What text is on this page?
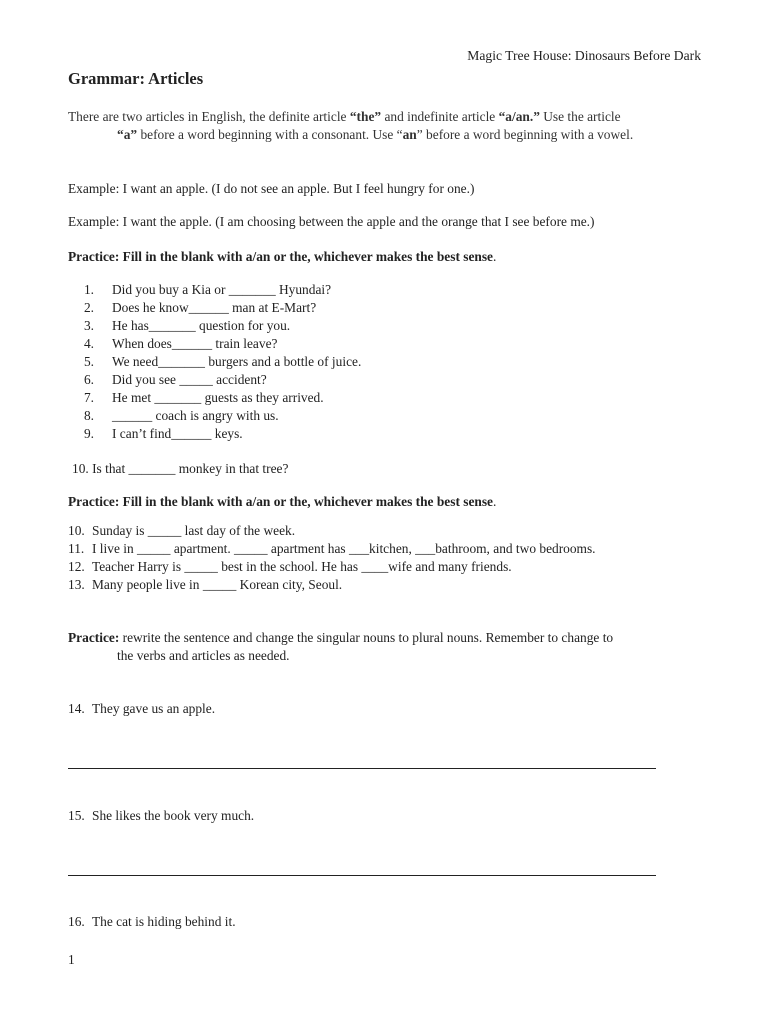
Magic Tree House: Dinosaurs Before Dark
Grammar: Articles
There are two articles in English, the definite article “the” and indefinite article “a/an.” Use the article
“a” before a word beginning with a consonant. Use “an” before a word beginning with a vowel.
Example: I want an apple. (I do not see an apple. But I feel hungry for one.)
Example: I want the apple. (I am choosing between the apple and the orange that I see before me.)
Practice: Fill in the blank with a/an or the, whichever makes the best sense.
1.	Did you buy a Kia or _______ Hyundai?
2.	Does he know______ man at E-Mart?
3.	He has_______ question for you.
4.	When does______ train leave?
5.	We need_______ burgers and a bottle of juice.
6.	Did you see _____ accident?
7.	He met _______ guests as they arrived.
8.	______ coach is angry with us.
9.	I can’t find______ keys.
10. Is that _______ monkey in that tree?
Practice: Fill in the blank with a/an or the, whichever makes the best sense.
10. Sunday is _____ last day of the week.
11. I live in _____ apartment. _____ apartment has ___kitchen, ___bathroom, and two bedrooms.
12. Teacher Harry is _____ best in the school. He has ____wife and many friends.
13. Many people live in _____ Korean city, Seoul.
Practice: rewrite the sentence and change the singular nouns to plural nouns. Remember to change to
the verbs and articles as needed.
14. They gave us an apple.
15. She likes the book very much.
16. The cat is hiding behind it.
1
